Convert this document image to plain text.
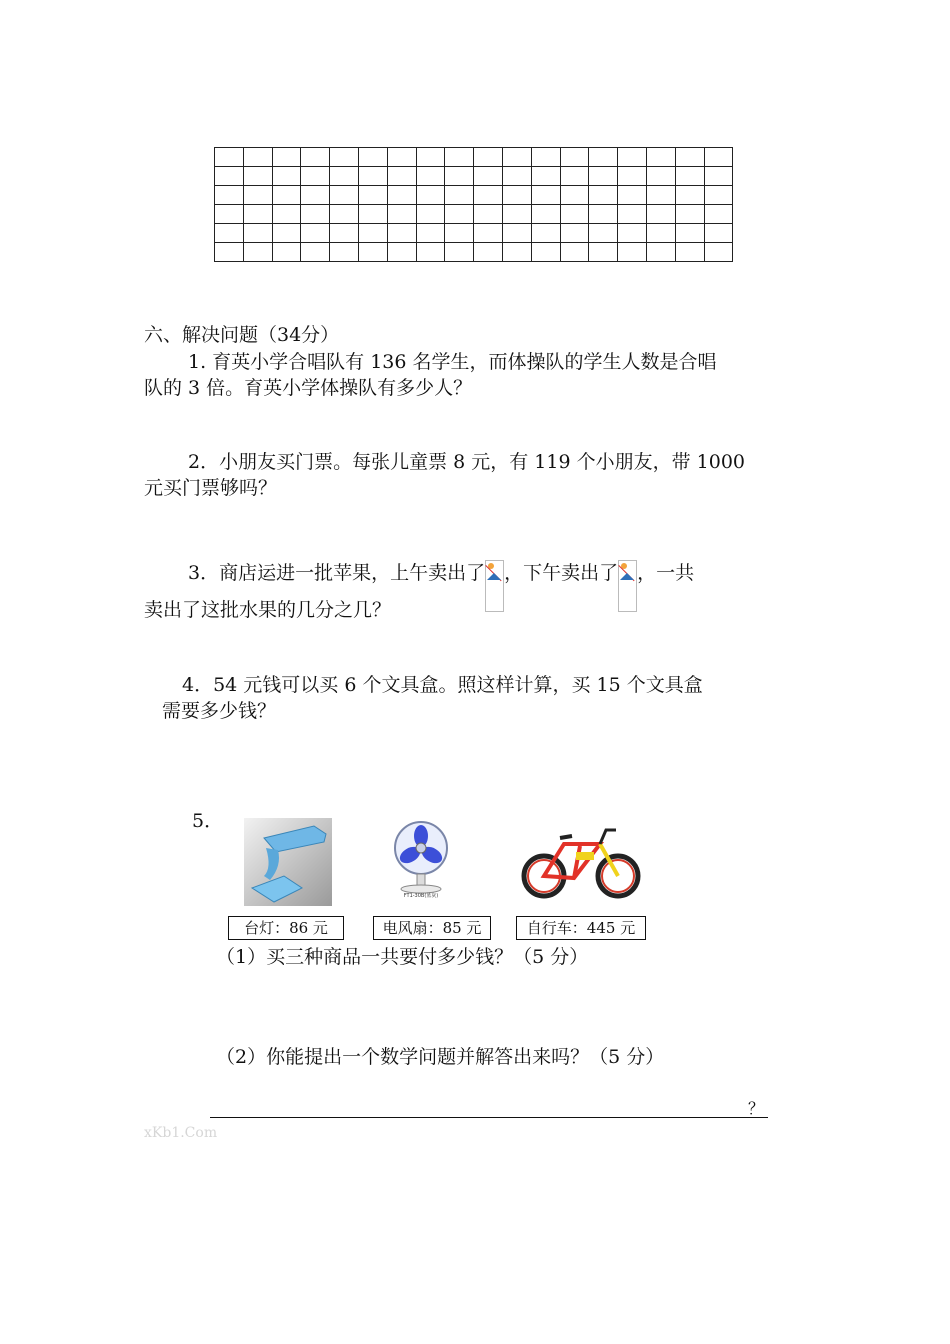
六、解决问题（34分）
1. 育英小学合唱队有 136 名学生，而体操队的学生人数是合唱
队的 3 倍。育英小学体操队有多少人？
2．小朋友买门票。每张儿童票 8 元，有 119 个小朋友，带 1000
元买门票够吗？
3．商店运进一批苹果，上午卖出了 ，下午卖出了 ，一共
卖出了这批水果的几分之几？
4．54 元钱可以买 6 个文具盒。照这样计算，买 15 个文具盒
需要多少钱？
5．
FT1-30B(蓝灰)
台灯：86 元	电风扇：85 元	自行车：445 元
（1）买三种商品一共要付多少钱？（5 分）
（2）你能提出一个数学问题并解答出来吗？（5 分）
？
xKb1.Com
